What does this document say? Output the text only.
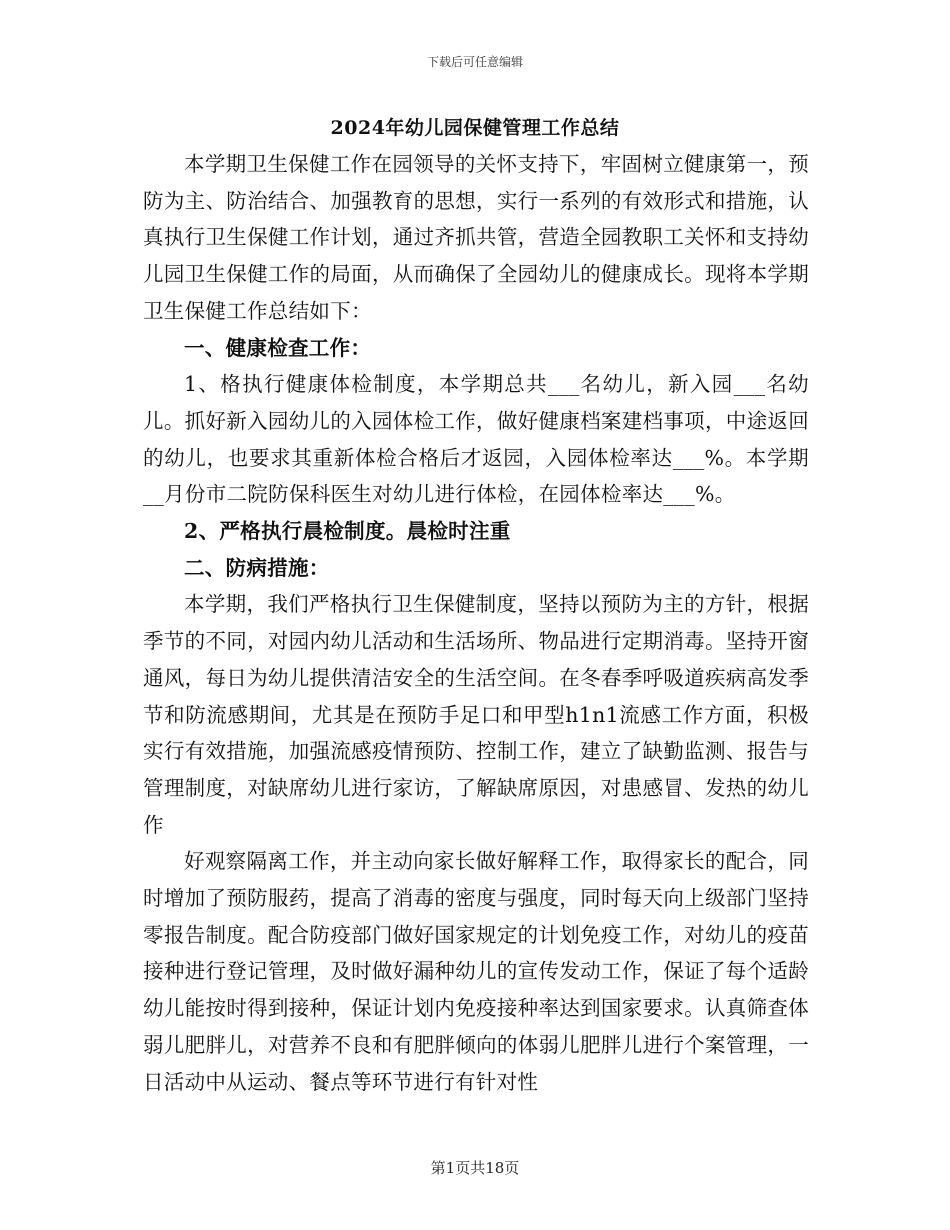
下载后可任意编辑
2024年幼儿园保健管理工作总结

本学期卫生保健工作在园领导的关怀支持下，牢固树立健康第一，预防为主、防治结合、加强教育的思想，实行一系列的有效形式和措施，认真执行卫生保健工作计划，通过齐抓共管，营造全园教职工关怀和支持幼儿园卫生保健工作的局面，从而确保了全园幼儿的健康成长。现将本学期卫生保健工作总结如下：

一、健康检查工作：

1、格执行健康体检制度，本学期总共___名幼儿，新入园___名幼儿。抓好新入园幼儿的入园体检工作，做好健康档案建档事项，中途返回的幼儿，也要求其重新体检合格后才返园，入园体检率达___%。本学期__月份市二院防保科医生对幼儿进行体检，在园体检率达___%。

2、严格执行晨检制度。晨检时注重

二、防病措施：

本学期，我们严格执行卫生保健制度，坚持以预防为主的方针，根据季节的不同，对园内幼儿活动和生活场所、物品进行定期消毒。坚持开窗通风，每日为幼儿提供清洁安全的生活空间。在冬春季呼吸道疾病高发季节和防流感期间，尤其是在预防手足口和甲型h1n1流感工作方面，积极实行有效措施，加强流感疫情预防、控制工作，建立了缺勤监测、报告与管理制度，对缺席幼儿进行家访，了解缺席原因，对患感冒、发热的幼儿作

好观察隔离工作，并主动向家长做好解释工作，取得家长的配合，同时增加了预防服药，提高了消毒的密度与强度，同时每天向上级部门坚持零报告制度。配合防疫部门做好国家规定的计划免疫工作，对幼儿的疫苗接种进行登记管理，及时做好漏种幼儿的宣传发动工作，保证了每个适龄幼儿能按时得到接种，保证计划内免疫接种率达到国家要求。认真筛查体弱儿肥胖儿，对营养不良和有肥胖倾向的体弱儿肥胖儿进行个案管理，一日活动中从运动、餐点等环节进行有针对性

第1页共18页
